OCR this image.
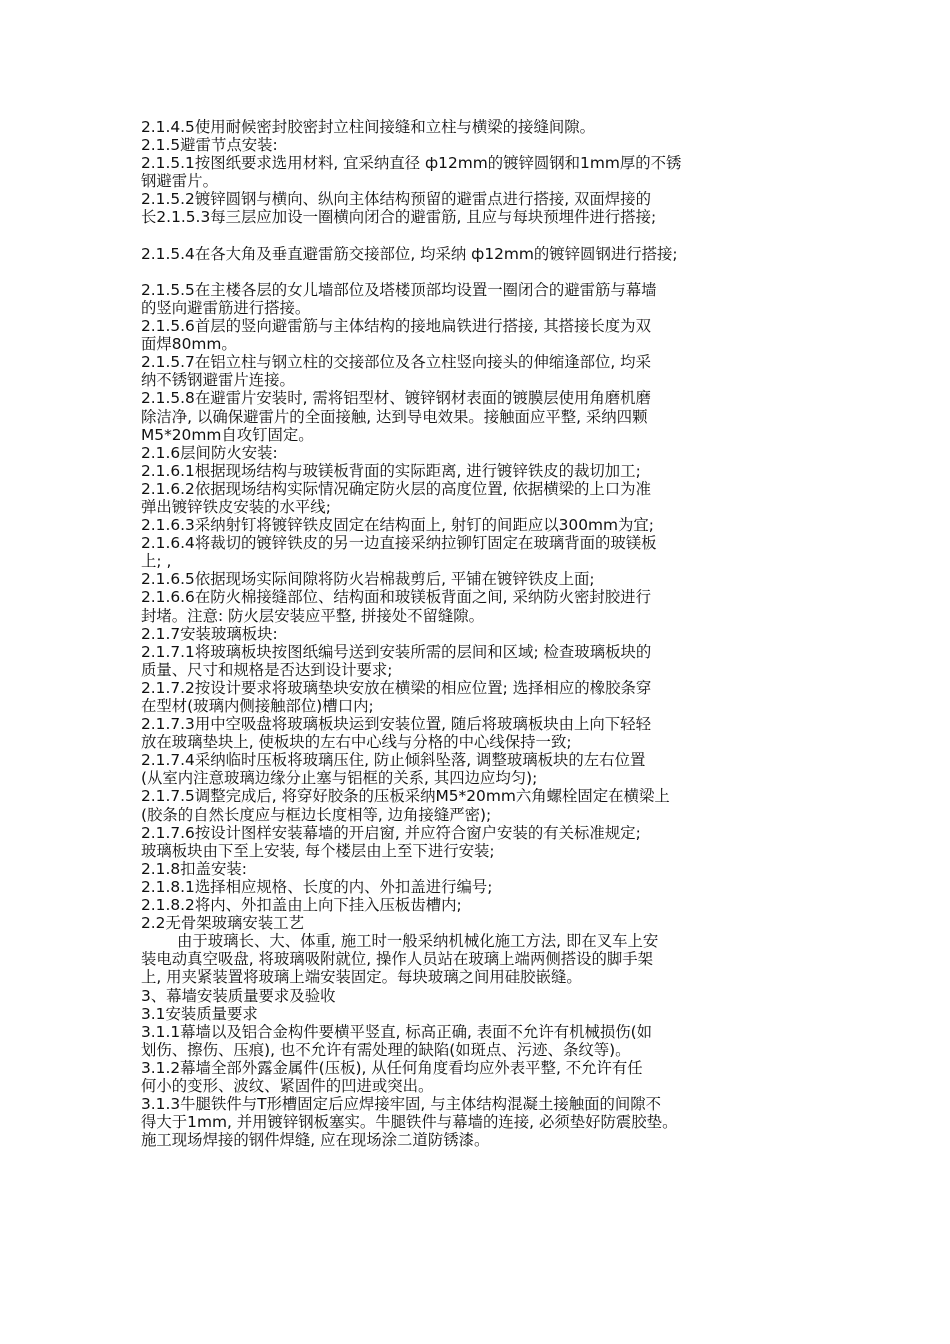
2.1.4.5使用耐候密封胶密封立柱间接缝和立柱与横梁的接缝间隙。
2.1.5避雷节点安装:
2.1.5.1按图纸要求选用材料, 宜采纳直径 ф12mm的镀锌圆钢和1mm厚的不锈
钢避雷片。
2.1.5.2镀锌圆钢与横向、纵向主体结构预留的避雷点进行搭接, 双面焊接的
长2.1.5.3每三层应加设一圈横向闭合的避雷筋, 且应与每块预埋件进行搭接;
2.1.5.4在各大角及垂直避雷筋交接部位, 均采纳 ф12mm的镀锌圆钢进行搭接;
2.1.5.5在主楼各层的女儿墙部位及塔楼顶部均设置一圈闭合的避雷筋与幕墙
的竖向避雷筋进行搭接。
2.1.5.6首层的竖向避雷筋与主体结构的接地扁铁进行搭接, 其搭接长度为双
面焊80mm。
2.1.5.7在铝立柱与钢立柱的交接部位及各立柱竖向接头的伸缩逢部位, 均采
纳不锈钢避雷片连接。
2.1.5.8在避雷片安装时, 需将铝型材、镀锌钢材表面的镀膜层使用角磨机磨
除洁净, 以确保避雷片的全面接触, 达到导电效果。接触面应平整, 采纳四颗
M5*20mm自攻钉固定。
2.1.6层间防火安装:
2.1.6.1根据现场结构与玻镁板背面的实际距离, 进行镀锌铁皮的裁切加工;
2.1.6.2依据现场结构实际情况确定防火层的高度位置, 依据横梁的上口为准
弹出镀锌铁皮安装的水平线;
2.1.6.3采纳射钉将镀锌铁皮固定在结构面上, 射钉的间距应以300mm为宜;
2.1.6.4将裁切的镀锌铁皮的另一边直接采纳拉铆钉固定在玻璃背面的玻镁板
上; ,
2.1.6.5依据现场实际间隙将防火岩棉裁剪后, 平铺在镀锌铁皮上面;
2.1.6.6在防火棉接缝部位、结构面和玻镁板背面之间, 采纳防火密封胶进行
封堵。注意: 防火层安装应平整, 拼接处不留缝隙。
2.1.7安装玻璃板块:
2.1.7.1将玻璃板块按图纸编号送到安装所需的层间和区域; 检查玻璃板块的
质量、尺寸和规格是否达到设计要求;
2.1.7.2按设计要求将玻璃垫块安放在横梁的相应位置; 选择相应的橡胶条穿
在型材(玻璃内侧接触部位)槽口内;
2.1.7.3用中空吸盘将玻璃板块运到安装位置, 随后将玻璃板块由上向下轻轻
放在玻璃垫块上, 使板块的左右中心线与分格的中心线保持一致;
2.1.7.4采纳临时压板将玻璃压住, 防止倾斜坠落, 调整玻璃板块的左右位置
(从室内注意玻璃边缘分止塞与铝框的关系, 其四边应均匀);
2.1.7.5调整完成后, 将穿好胶条的压板采纳M5*20mm六角螺栓固定在横梁上
(胶条的自然长度应与框边长度相等, 边角接缝严密);
2.1.7.6按设计图样安装幕墙的开启窗, 并应符合窗户安装的有关标准规定;
玻璃板块由下至上安装, 每个楼层由上至下进行安装;
2.1.8扣盖安装:
2.1.8.1选择相应规格、长度的内、外扣盖进行编号;
2.1.8.2将内、外扣盖由上向下挂入压板齿槽内;
2.2无骨架玻璃安装工艺
由于玻璃长、大、体重, 施工时一般采纳机械化施工方法, 即在叉车上安
装电动真空吸盘, 将玻璃吸附就位, 操作人员站在玻璃上端两侧搭设的脚手架
上, 用夹紧装置将玻璃上端安装固定。每块玻璃之间用硅胶嵌缝。
3、幕墙安装质量要求及验收
3.1安装质量要求
3.1.1幕墙以及铝合金构件要横平竖直, 标高正确, 表面不允许有机械损伤(如
划伤、擦伤、压痕), 也不允许有需处理的缺陷(如斑点、污迹、条纹等)。
3.1.2幕墙全部外露金属件(压板), 从任何角度看均应外表平整, 不允许有任
何小的变形、波纹、紧固件的凹进或突出。
3.1.3牛腿铁件与T形槽固定后应焊接牢固, 与主体结构混凝土接触面的间隙不
得大于1mm, 并用镀锌钢板塞实。牛腿铁件与幕墙的连接, 必须垫好防震胶垫。
施工现场焊接的钢件焊缝, 应在现场涂二道防锈漆。
